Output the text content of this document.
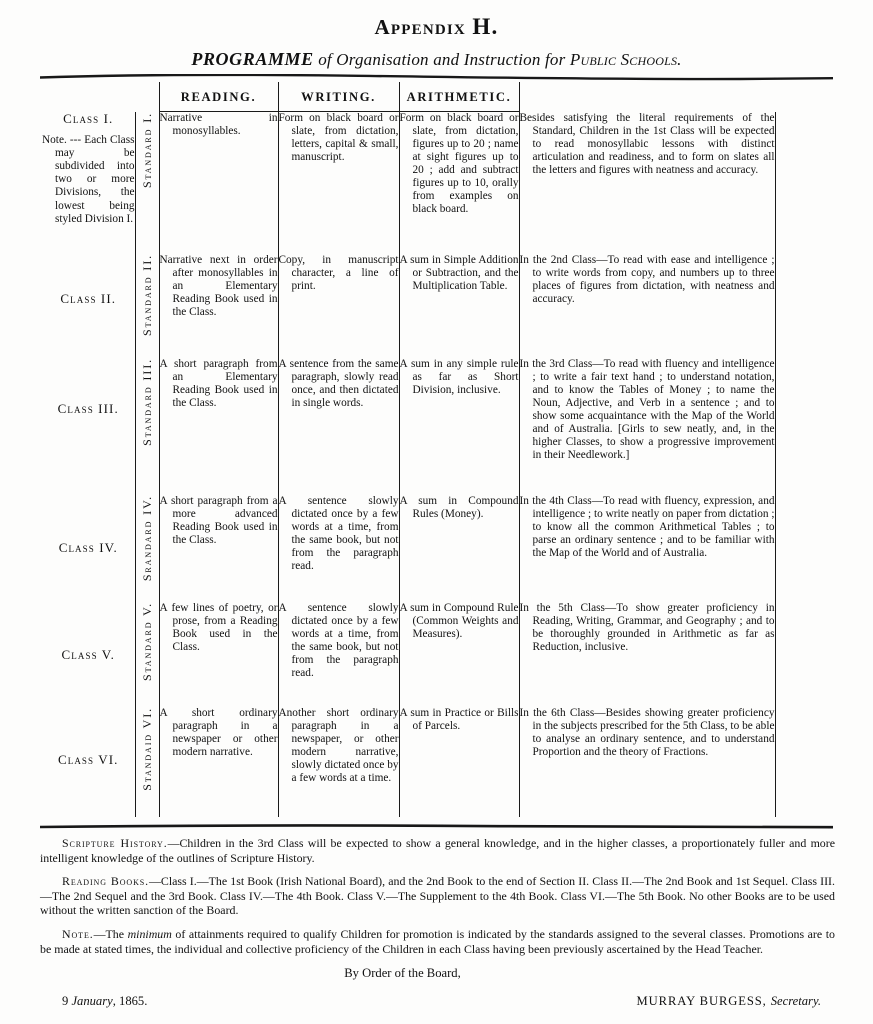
Appendix H.

PROGRAMME of Organisation and Instruction for Public Schools.

		READING.	WRITING.	ARITHMETIC.	

Class I.
Note. --- Each Class may be subdivided into two or more Divisions, the lowest being styled Division I.	Standard I.	Narrative in monosyllables.	Form on black board or slate, from dictation, letters, capital & small, manuscript.	Form on black board or slate, from dictation, figures up to 20 ; name at sight figures up to 20 ; add and subtract figures up to 10, orally from examples on black board.	Besides satisfying the literal requirements of the Standard, Children in the 1st Class will be expected to read monosyllabic lessons with distinct articulation and readiness, and to form on slates all the letters and figures with neatness and accuracy.

Class II.	Standard II.	Narrative next in order after monosyllables in an Elementary Reading Book used in the Class.	Copy, in manuscript character, a line of print.	A sum in Simple Addition or Subtraction, and the Multiplication Table.	In the 2nd Class—To read with ease and intelligence ; to write words from copy, and numbers up to three places of figures from dictation, with neatness and accuracy.

Class III.	Standard III.	A short paragraph from an Elementary Reading Book used in the Class.	A sentence from the same paragraph, slowly read once, and then dictated in single words.	A sum in any simple rule as far as Short Division, inclusive.	In the 3rd Class—To read with fluency and intelligence ; to write a fair text hand ; to understand notation, and to know the Tables of Money ; to name the Noun, Adjective, and Verb in a sentence ; and to show some acquaintance with the Map of the World and of Australia. [Girls to sew neatly, and, in the higher Classes, to show a progressive improvement in their Needlework.]

Class IV.	Srandard IV.	A short paragraph from a more advanced Reading Book used in the Class.	A sentence slowly dictated once by a few words at a time, from the same book, but not from the paragraph read.	A sum in Compound Rules (Money).	In the 4th Class—To read with fluency, expression, and intelligence ; to write neatly on paper from dictation ; to know all the common Arithmetical Tables ; to parse an ordinary sentence ; and to be familiar with the Map of the World and of Australia.

Class V.	Standard V.	A few lines of poetry, or prose, from a Reading Book used in the Class.	A sentence slowly dictated once by a few words at a time, from the same book, but not from the paragraph read.	A sum in Compound Rule (Common Weights and Measures).	In the 5th Class—To show greater proficiency in Reading, Writing, Grammar, and Geography ; and to be thoroughly grounded in Arithmetic as far as Reduction, inclusive.

Class VI.	Standaid VI.	A short ordinary paragraph in a newspaper or other modern narrative.	Another short ordinary paragraph in a newspaper, or other modern narrative, slowly dictated once by a few words at a time.	A sum in Practice or Bills of Parcels.	In the 6th Class—Besides showing greater proficiency in the subjects prescribed for the 5th Class, to be able to analyse an ordinary sentence, and to understand Proportion and the theory of Fractions.

Scripture History.—Children in the 3rd Class will be expected to show a general knowledge, and in the higher classes, a proportionately fuller and more intelligent knowledge of the outlines of Scripture History.

Reading Books.—Class I.—The 1st Book (Irish National Board), and the 2nd Book to the end of Section II. Class II.—The 2nd Book and 1st Sequel. Class III.—The 2nd Sequel and the 3rd Book. Class IV.—The 4th Book. Class V.—The Supplement to the 4th Book. Class VI.—The 5th Book. No other Books are to be used without the written sanction of the Board.

Note.—The minimum of attainments required to qualify Children for promotion is indicated by the standards assigned to the several classes. Promotions are to be made at stated times, the individual and collective proficiency of the Children in each Class having been previously ascertained by the Head Teacher.

By Order of the Board,

9 January, 1865.	MURRAY BURGESS, Secretary.
